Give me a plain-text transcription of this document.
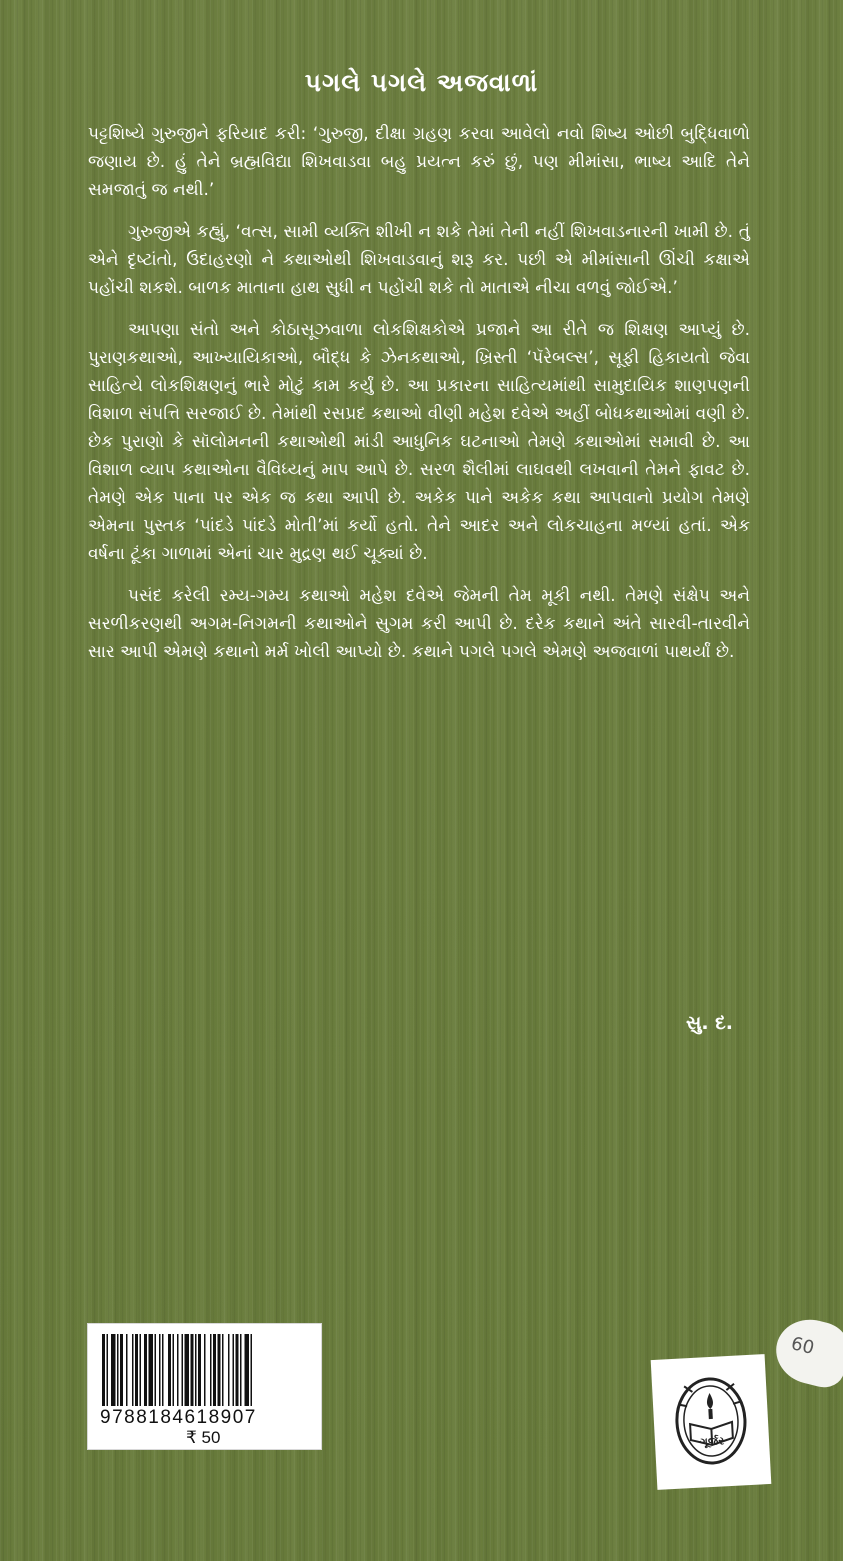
પગલે પગલે અજવાળાં

પટ્ટશિષ્યે ગુરુજીને ફરિયાદ કરી: ‘ગુરુજી, દીક્ષા ગ્રહણ કરવા આવેલો નવો શિષ્ય ઓછી બુદ્ધિવાળો જણાય છે. હું તેને બ્રહ્મવિદ્યા શિખવાડવા બહુ પ્રયત્ન કરું છું, પણ મીમાંસા, ભાષ્ય આદિ તેને સમજાતું જ નથી.’

ગુરુજીએ કહ્યું, ‘વત્સ, સામી વ્યક્તિ શીખી ન શકે તેમાં તેની નહીં શિખવાડનારની ખામી છે. તું એને દૃષ્ટાંતો, ઉદાહરણો ને કથાઓથી શિખવાડવાનું શરૂ કર. પછી એ મીમાંસાની ઊંચી કક્ષાએ પહોંચી શકશે. બાળક માતાના હાથ સુધી ન પહોંચી શકે તો માતાએ નીચા વળવું જોઈએ.’

આપણા સંતો અને કોઠાસૂઝવાળા લોકશિક્ષકોએ પ્રજાને આ રીતે જ શિક્ષણ આપ્યું છે. પુરાણકથાઓ, આખ્યાયિકાઓ, બૌદ્ધ કે ઝેનકથાઓ, ખ્રિસ્તી ‘પૅરેબલ્સ’, સૂફી હિકાયતો જેવા સાહિત્યે લોકશિક્ષણનું ભારે મોટું કામ કર્યું છે. આ પ્રકારના સાહિત્યમાંથી સામુદાયિક શાણપણની વિશાળ સંપત્તિ સરજાઈ છે. તેમાંથી રસપ્રદ કથાઓ વીણી મહેશ દવેએ અહીં બોધકથાઓમાં વણી છે. છેક પુરાણો કે સૉલોમનની કથાઓથી માંડી આધુનિક ઘટનાઓ તેમણે કથાઓમાં સમાવી છે. આ વિશાળ વ્યાપ કથાઓના વૈવિધ્યનું માપ આપે છે. સરળ શૈલીમાં લાઘવથી લખવાની તેમને ફાવટ છે. તેમણે એક પાના પર એક જ કથા આપી છે. અકેક પાને અકેક કથા આપવાનો પ્રયોગ તેમણે એમના પુસ્તક ‘પાંદડે પાંદડે મોતી’માં કર્યો હતો. તેને આદર અને લોકચાહના મળ્યાં હતાં. એક વર્ષના ટૂંકા ગાળામાં એનાં ચાર મુદ્રણ થઈ ચૂક્યાં છે.

પસંદ કરેલી રમ્ય-ગમ્ય કથાઓ મહેશ દવેએ જેમની તેમ મૂકી નથી. તેમણે સંક્ષેપ અને સરળીકરણથી અગમ-નિગમની કથાઓને સુગમ કરી આપી છે. દરેક કથાને અંતે સારવી-તારવીને સાર આપી એમણે કથાનો મર્મ ખોલી આપ્યો છે. કથાને પગલે પગલે એમણે અજવાળાં પાથર્યાં છે.

સુ. દ.
9788184618907
₹ 50
60
ગૂર્જર
